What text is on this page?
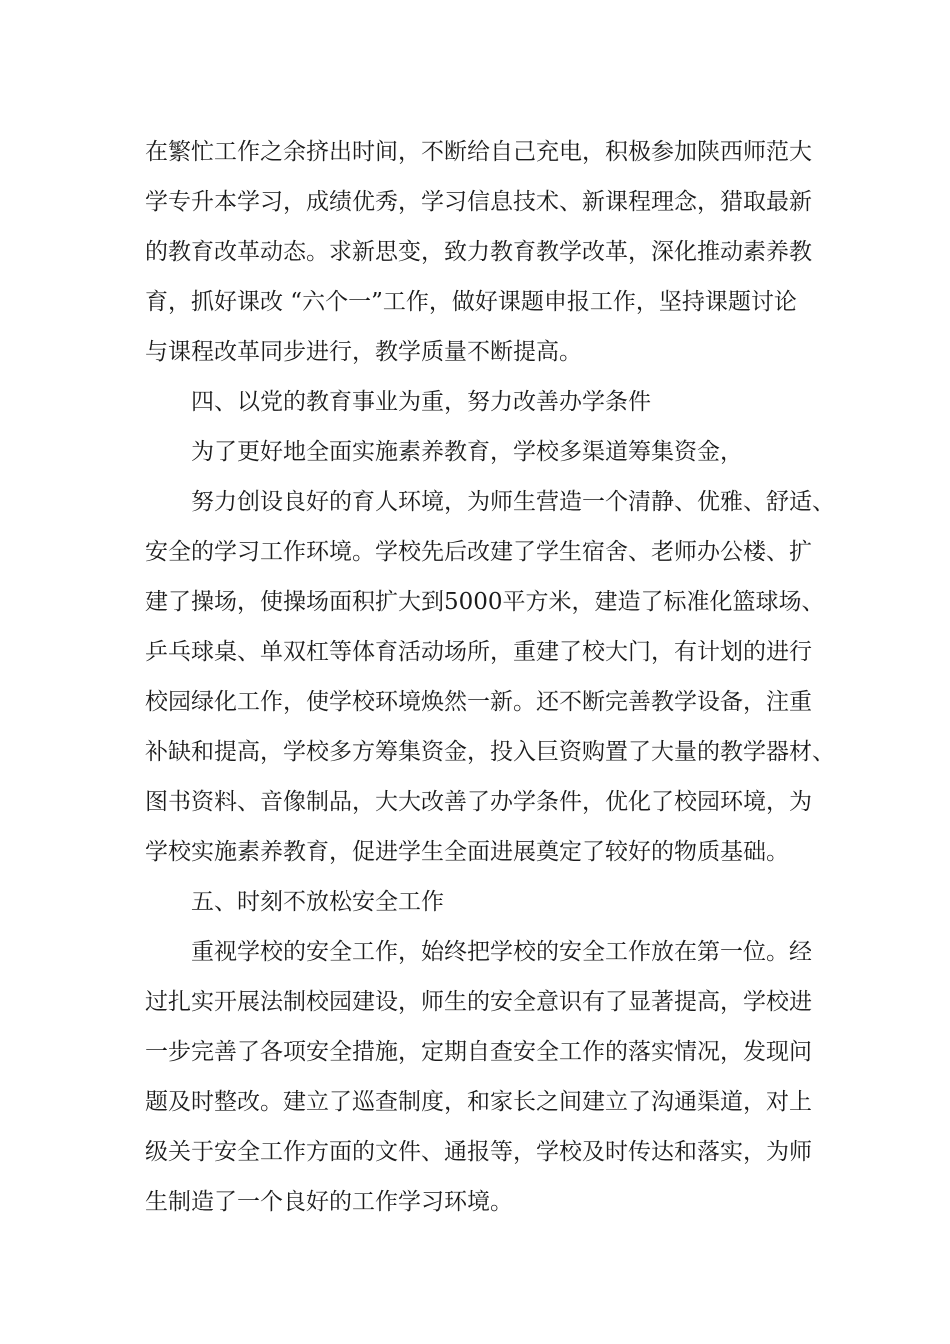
在繁忙工作之余挤出时间，不断给自己充电，积极参加陕西师范大
学专升本学习，成绩优秀，学习信息技术、新课程理念，猎取最新
的教育改革动态。求新思变，致力教育教学改革，深化推动素养教
育，抓好课改 “六个一”工作，做好课题申报工作，坚持课题讨论
与课程改革同步进行，教学质量不断提高。
四、以党的教育事业为重，努力改善办学条件
为了更好地全面实施素养教育，学校多渠道筹集资金，
努力创设良好的育人环境，为师生营造一个清静、优雅、舒适、
安全的学习工作环境。学校先后改建了学生宿舍、老师办公楼、扩
建了操场，使操场面积扩大到5000平方米，建造了标准化篮球场、
乒乓球桌、单双杠等体育活动场所，重建了校大门，有计划的进行
校园绿化工作，使学校环境焕然一新。还不断完善教学设备，注重
补缺和提高，学校多方筹集资金，投入巨资购置了大量的教学器材、
图书资料、音像制品，大大改善了办学条件，优化了校园环境，为
学校实施素养教育，促进学生全面进展奠定了较好的物质基础。
五、时刻不放松安全工作
重视学校的安全工作，始终把学校的安全工作放在第一位。经
过扎实开展法制校园建设，师生的安全意识有了显著提高，学校进
一步完善了各项安全措施，定期自查安全工作的落实情况，发现问
题及时整改。建立了巡查制度，和家长之间建立了沟通渠道，对上
级关于安全工作方面的文件、通报等，学校及时传达和落实，为师
生制造了一个良好的工作学习环境。
